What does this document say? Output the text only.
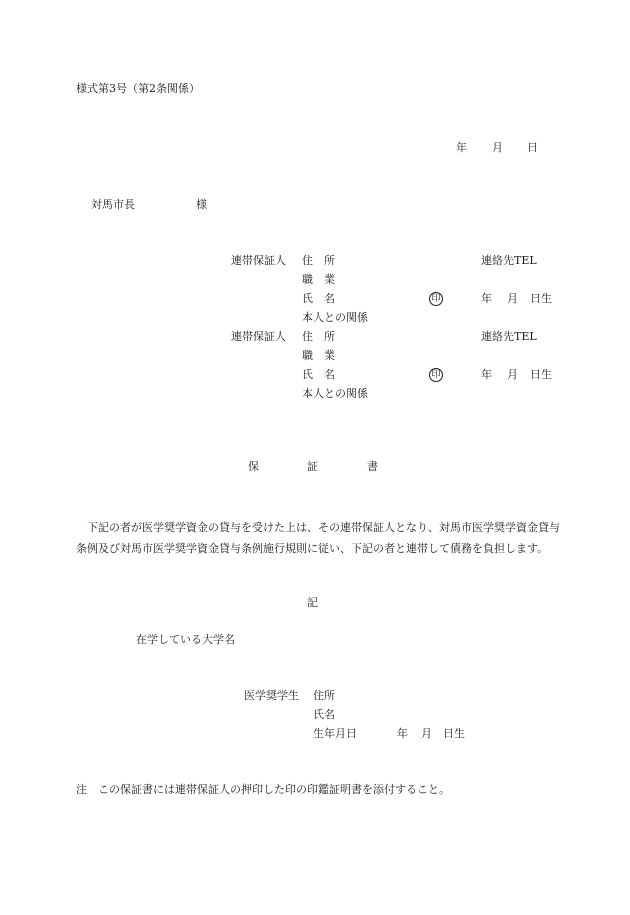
様式第3号（第2条関係）
年 月 日
対馬市長	様
連帯保証人 住　所	連絡先TEL
職　業
氏　名	印	年 月 日生
本人との関係
連帯保証人 住　所	連絡先TEL
職　業
氏　名	印	年 月 日生
本人との関係
保	証	書
下記の者が医学奨学資金の貸与を受けた上は、その連帯保証人となり、対馬市医学奨学資金貸与条例及び対馬市医学奨学資金貸与条例施行規則に従い、下記の者と連帯して債務を負担します。
記
在学している大学名
医学奨学生 住所
氏名
生年月日	年 月 日生
注　この保証書には連帯保証人の押印した印の印鑑証明書を添付すること。
